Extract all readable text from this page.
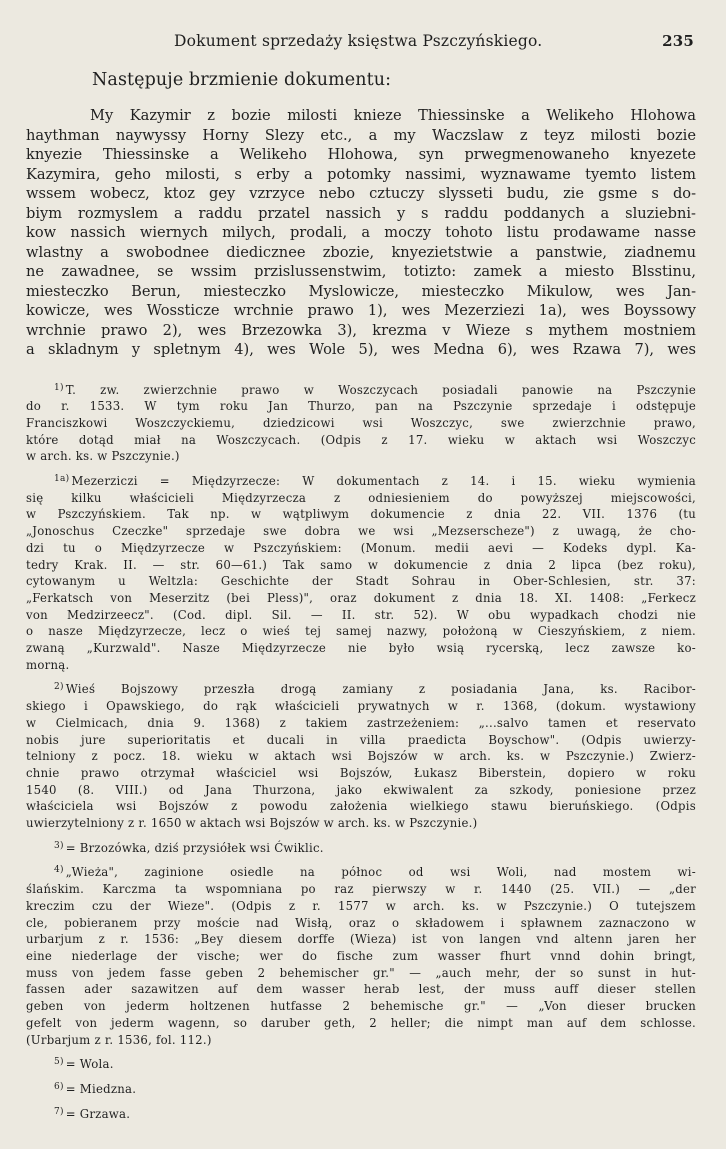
Dokument sprzedaży księstwa Pszczyńskiego.	235
Następuje brzmienie dokumentu:
My Kazymir z bozie milosti knieze Thiessinske a Welikeho Hlohowa
haythman naywyssy Horny Slezy etc., a my Waczslaw z teyz milosti bozie
knyezie Thiessinske a Welikeho Hlohowa, syn prwegmenowaneho knyezete
Kazymira, geho milosti, s erby a potomky nassimi, wyznawame tyemto listem
wssem wobecz, ktoz gey vzrzyce nebo cztuczy slysseti budu, zie gsme s do-
biym rozmyslem a raddu przatel nassich y s raddu poddanych a sluziebni-
kow nassich wiernych milych, prodali, a moczy tohoto listu prodawame nasse
wlastny a swobodnee diedicznee zbozie, knyezietstwie a panstwie, ziadnemu
ne zawadnee, se wssim przislussenstwim, totizto: zamek a miesto Blsstinu,
miesteczko Berun, miesteczko Myslowicze, miesteczko Mikulow, wes Jan-
kowicze, wes Wossticze wrchnie prawo 1), wes Mezerziezi 1a), wes Boyssowy
wrchnie prawo 2), wes Brzezowka 3), krezma v Wieze s mythem mostniem
a skladnym y spletnym 4), wes Wole 5), wes Medna 6), wes Rzawa 7), wes
$^{1)}$ T. zw. zwierzchnie prawo w Woszczycach posiadali panowie na Pszczynie
do r. 1533. W tym roku Jan Thurzo, pan na Pszczynie sprzedaje i odstępuje
Franciszkowi Woszczyckiemu, dziedzicowi wsi Woszczyc, swe zwierzchnie prawo,
które dotąd miał na Woszczycach. (Odpis z 17. wieku w aktach wsi Woszczyc
w arch. ks. w Pszczynie.)
$^{1a)}$ Mezerziczi = Międzyrzecze: W dokumentach z 14. i 15. wieku wymienia
się kilku właścicieli Międzyrzecza z odniesieniem do powyższej miejscowości,
w Pszczyńskiem. Tak np. w wątpliwym dokumencie z dnia 22. VII. 1376 (tu
„Jonoschus Czeczke" sprzedaje swe dobra we wsi „Mezserscheze") z uwagą, że cho-
dzi tu o Międzyrzecze w Pszczyńskiem: (Monum. medii aevi — Kodeks dypl. Ka-
tedry Krak. II. — str. 60—61.) Tak samo w dokumencie z dnia 2 lipca (bez roku),
cytowanym u Weltzla: Geschichte der Stadt Sohrau in Ober-Schlesien, str. 37:
„Ferkatsch von Meserzitz (bei Pless)", oraz dokument z dnia 18. XI. 1408: „Ferkecz
von Medzirzeecz". (Cod. dipl. Sil. — II. str. 52). W obu wypadkach chodzi nie
o nasze Międzyrzecze, lecz o wieś tej samej nazwy, położoną w Cieszyńskiem, z niem.
zwaną „Kurzwald". Nasze Międzyrzecze nie było wsią rycerską, lecz zawsze ko-
morną.
$^{2)}$ Wieś Bojszowy przeszła drogą zamiany z posiadania Jana, ks. Racibor-
skiego i Opawskiego, do rąk właścicieli prywatnych w r. 1368, (dokum. wystawiony
w Cielmicach, dnia 9. 1368) z takiem zastrzeżeniem: „...salvo tamen et reservato
nobis jure superioritatis et ducali in villa praedicta Boyschow". (Odpis uwierzy-
telniony z pocz. 18. wieku w aktach wsi Bojszów w arch. ks. w Pszczynie.) Zwierz-
chnie prawo otrzymał właściciel wsi Bojszów, Łukasz Biberstein, dopiero w roku
1540 (8. VIII.) od Jana Thurzona, jako ekwiwalent za szkody, poniesione przez
właściciela wsi Bojszów z powodu założenia wielkiego stawu bieruńskiego. (Odpis
uwierzytelniony z r. 1650 w aktach wsi Bojszów w arch. ks. w Pszczynie.)
$^{3)}$ = Brzozówka, dziś przysiółek wsi Ćwiklic.
$^{4)}$ „Wieża", zaginione osiedle na północ od wsi Woli, nad mostem wi-
ślańskim. Karczma ta wspomniana po raz pierwszy w r. 1440 (25. VII.) — „der
kreczim czu der Wieze". (Odpis z r. 1577 w arch. ks. w Pszczynie.) O tutejszem
cle, pobieranem przy moście nad Wisłą, oraz o składowem i spławnem zaznaczono w
urbarjum z r. 1536: „Bey diesem dorffe (Wieza) ist von langen vnd altenn jaren her
eine niederlage der vische; wer do fische zum wasser fhurt vnnd dohin bringt,
muss von jedem fasse geben 2 behemischer gr." — „auch mehr, der so sunst in hut-
fassen ader sazawitzen auf dem wasser herab lest, der muss auff dieser stellen
geben von jederm holtzenen hutfasse 2 behemische gr." — „Von dieser brucken
gefelt von jederm wagenn, so daruber geth, 2 heller; die nimpt man auf dem schlosse.
(Urbarjum z r. 1536, fol. 112.)
$^{5)}$ = Wola.
$^{6)}$ = Miedzna.
$^{7)}$ = Grzawa.
